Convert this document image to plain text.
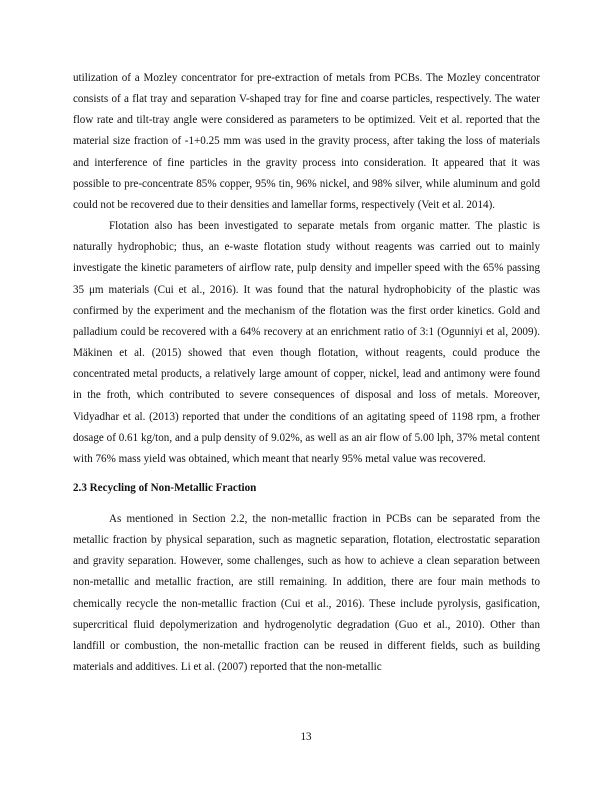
utilization of a Mozley concentrator for pre-extraction of metals from PCBs. The Mozley concentrator consists of a flat tray and separation V-shaped tray for fine and coarse particles, respectively. The water flow rate and tilt-tray angle were considered as parameters to be optimized. Veit et al. reported that the material size fraction of -1+0.25 mm was used in the gravity process, after taking the loss of materials and interference of fine particles in the gravity process into consideration. It appeared that it was possible to pre-concentrate 85% copper, 95% tin, 96% nickel, and 98% silver, while aluminum and gold could not be recovered due to their densities and lamellar forms, respectively (Veit et al. 2014).

Flotation also has been investigated to separate metals from organic matter. The plastic is naturally hydrophobic; thus, an e-waste flotation study without reagents was carried out to mainly investigate the kinetic parameters of airflow rate, pulp density and impeller speed with the 65% passing 35 μm materials (Cui et al., 2016). It was found that the natural hydrophobicity of the plastic was confirmed by the experiment and the mechanism of the flotation was the first order kinetics. Gold and palladium could be recovered with a 64% recovery at an enrichment ratio of 3:1 (Ogunniyi et al, 2009). Mäkinen et al. (2015) showed that even though flotation, without reagents, could produce the concentrated metal products, a relatively large amount of copper, nickel, lead and antimony were found in the froth, which contributed to severe consequences of disposal and loss of metals. Moreover, Vidyadhar et al. (2013) reported that under the conditions of an agitating speed of 1198 rpm, a frother dosage of 0.61 kg/ton, and a pulp density of 9.02%, as well as an air flow of 5.00 lph, 37% metal content with 76% mass yield was obtained, which meant that nearly 95% metal value was recovered.

2.3 Recycling of Non-Metallic Fraction

As mentioned in Section 2.2, the non-metallic fraction in PCBs can be separated from the metallic fraction by physical separation, such as magnetic separation, flotation, electrostatic separation and gravity separation. However, some challenges, such as how to achieve a clean separation between non-metallic and metallic fraction, are still remaining. In addition, there are four main methods to chemically recycle the non-metallic fraction (Cui et al., 2016). These include pyrolysis, gasification, supercritical fluid depolymerization and hydrogenolytic degradation (Guo et al., 2010). Other than landfill or combustion, the non-metallic fraction can be reused in different fields, such as building materials and additives. Li et al. (2007) reported that the non-metallic

13
